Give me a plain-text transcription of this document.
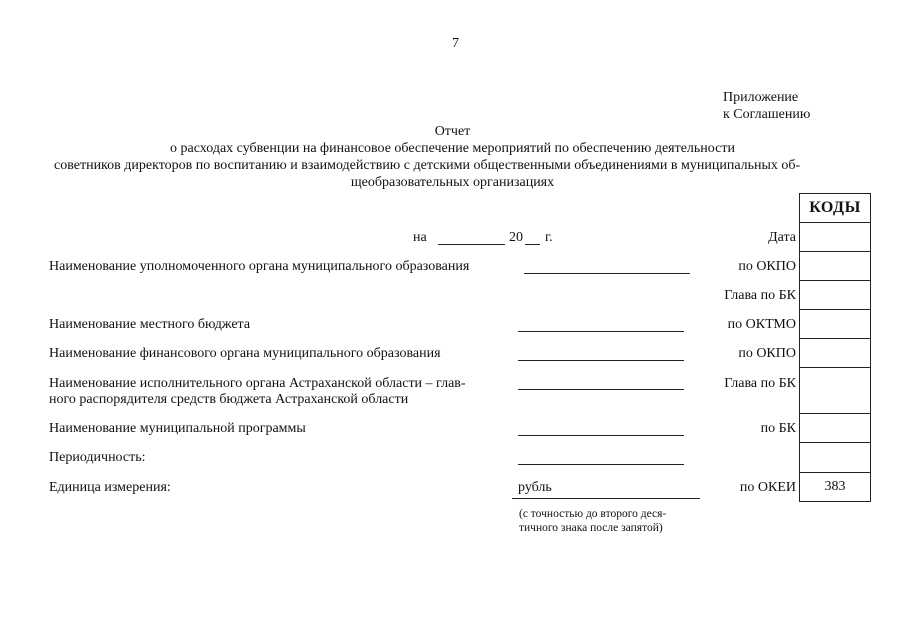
7
Приложение
к Соглашению
Отчет
о расходах субвенции на финансовое обеспечение мероприятий по обеспечению деятельности
советников директоров по воспитанию и взаимодействию с детскими общественными объединениями в муниципальных об-
щеобразовательных организациях
на	20 г.
Наименование уполномоченного органа муниципального образования
Наименование местного бюджета
Наименование финансового органа муниципального образования
Наименование исполнительного органа Астраханской области – глав-
ного распорядителя средств бюджета Астраханской области
Наименование муниципальной программы
Периодичность:
Единица измерения:	рубль
(с точностью до второго деся-
тичного знака после запятой)
Дата
по ОКПО
Глава по БК
по ОКТМО
по ОКПО
Глава по БК
по БК
по ОКЕИ
КОДЫ
383
